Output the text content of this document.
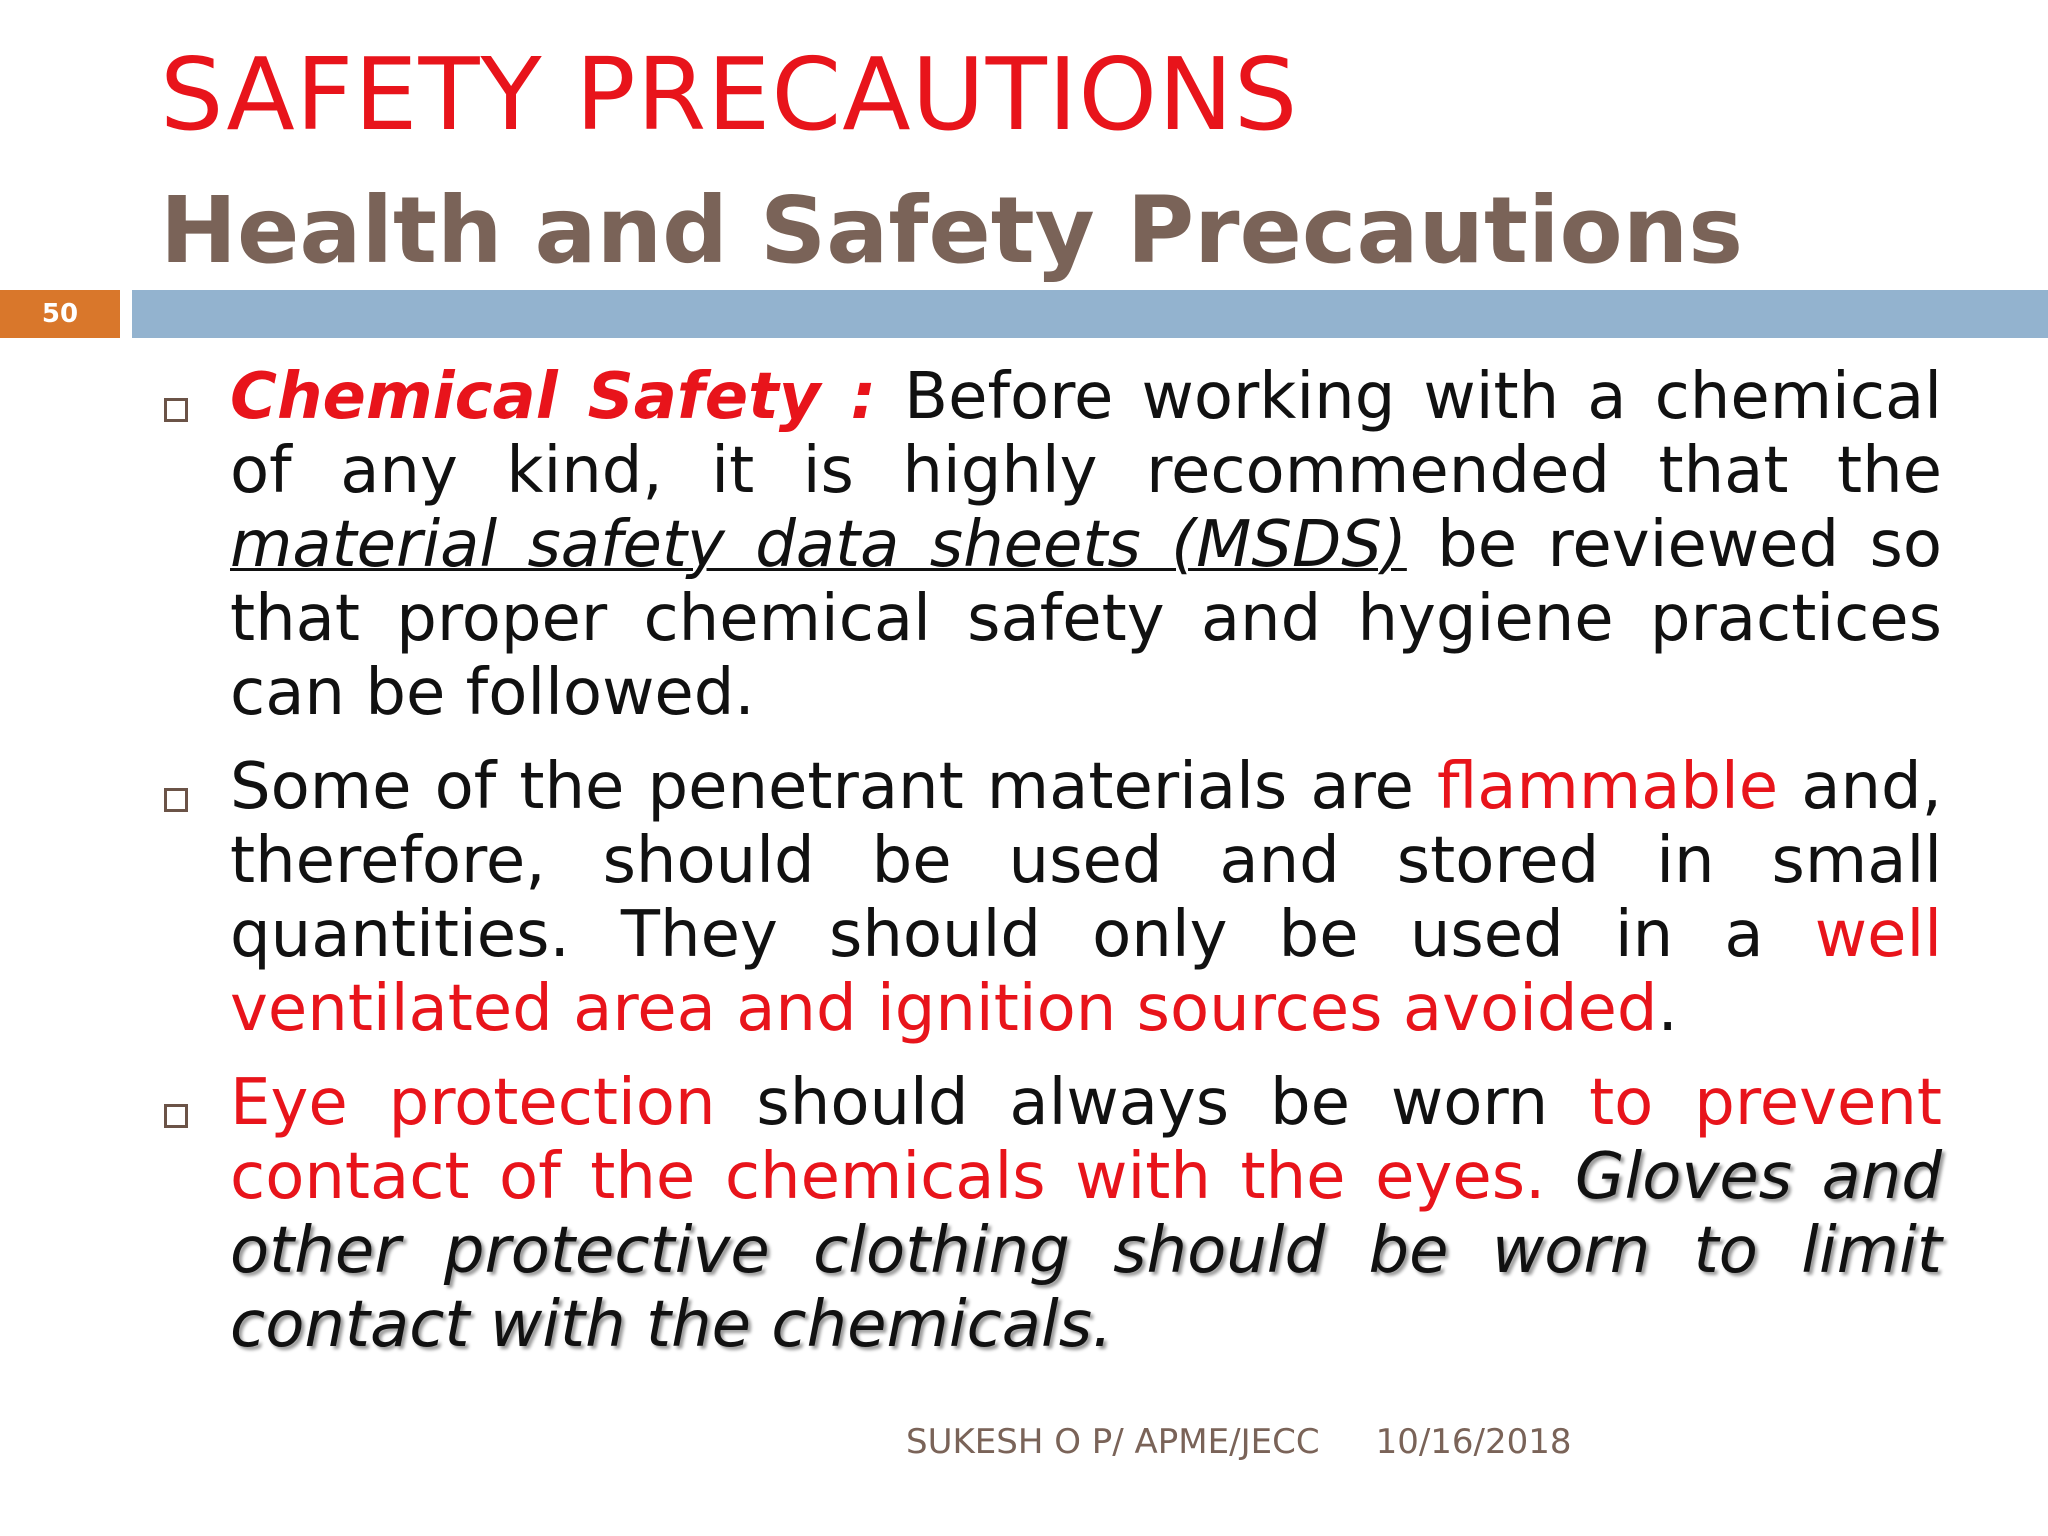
SAFETY PRECAUTIONS
Health and Safety Precautions
50

Chemical Safety : Before working with a chemical of any kind, it is highly recommended that the material safety data sheets (MSDS) be reviewed so that proper chemical safety and hygiene practices can be followed.

Some of the penetrant materials are flammable and, therefore, should be used and stored in small quantities. They should only be used in a well ventilated area and ignition sources avoided.

Eye protection should always be worn to prevent contact of the chemicals with the eyes. Gloves and other protective clothing should be worn to limit contact with the chemicals.

SUKESH O P/ APME/JECC 10/16/2018
